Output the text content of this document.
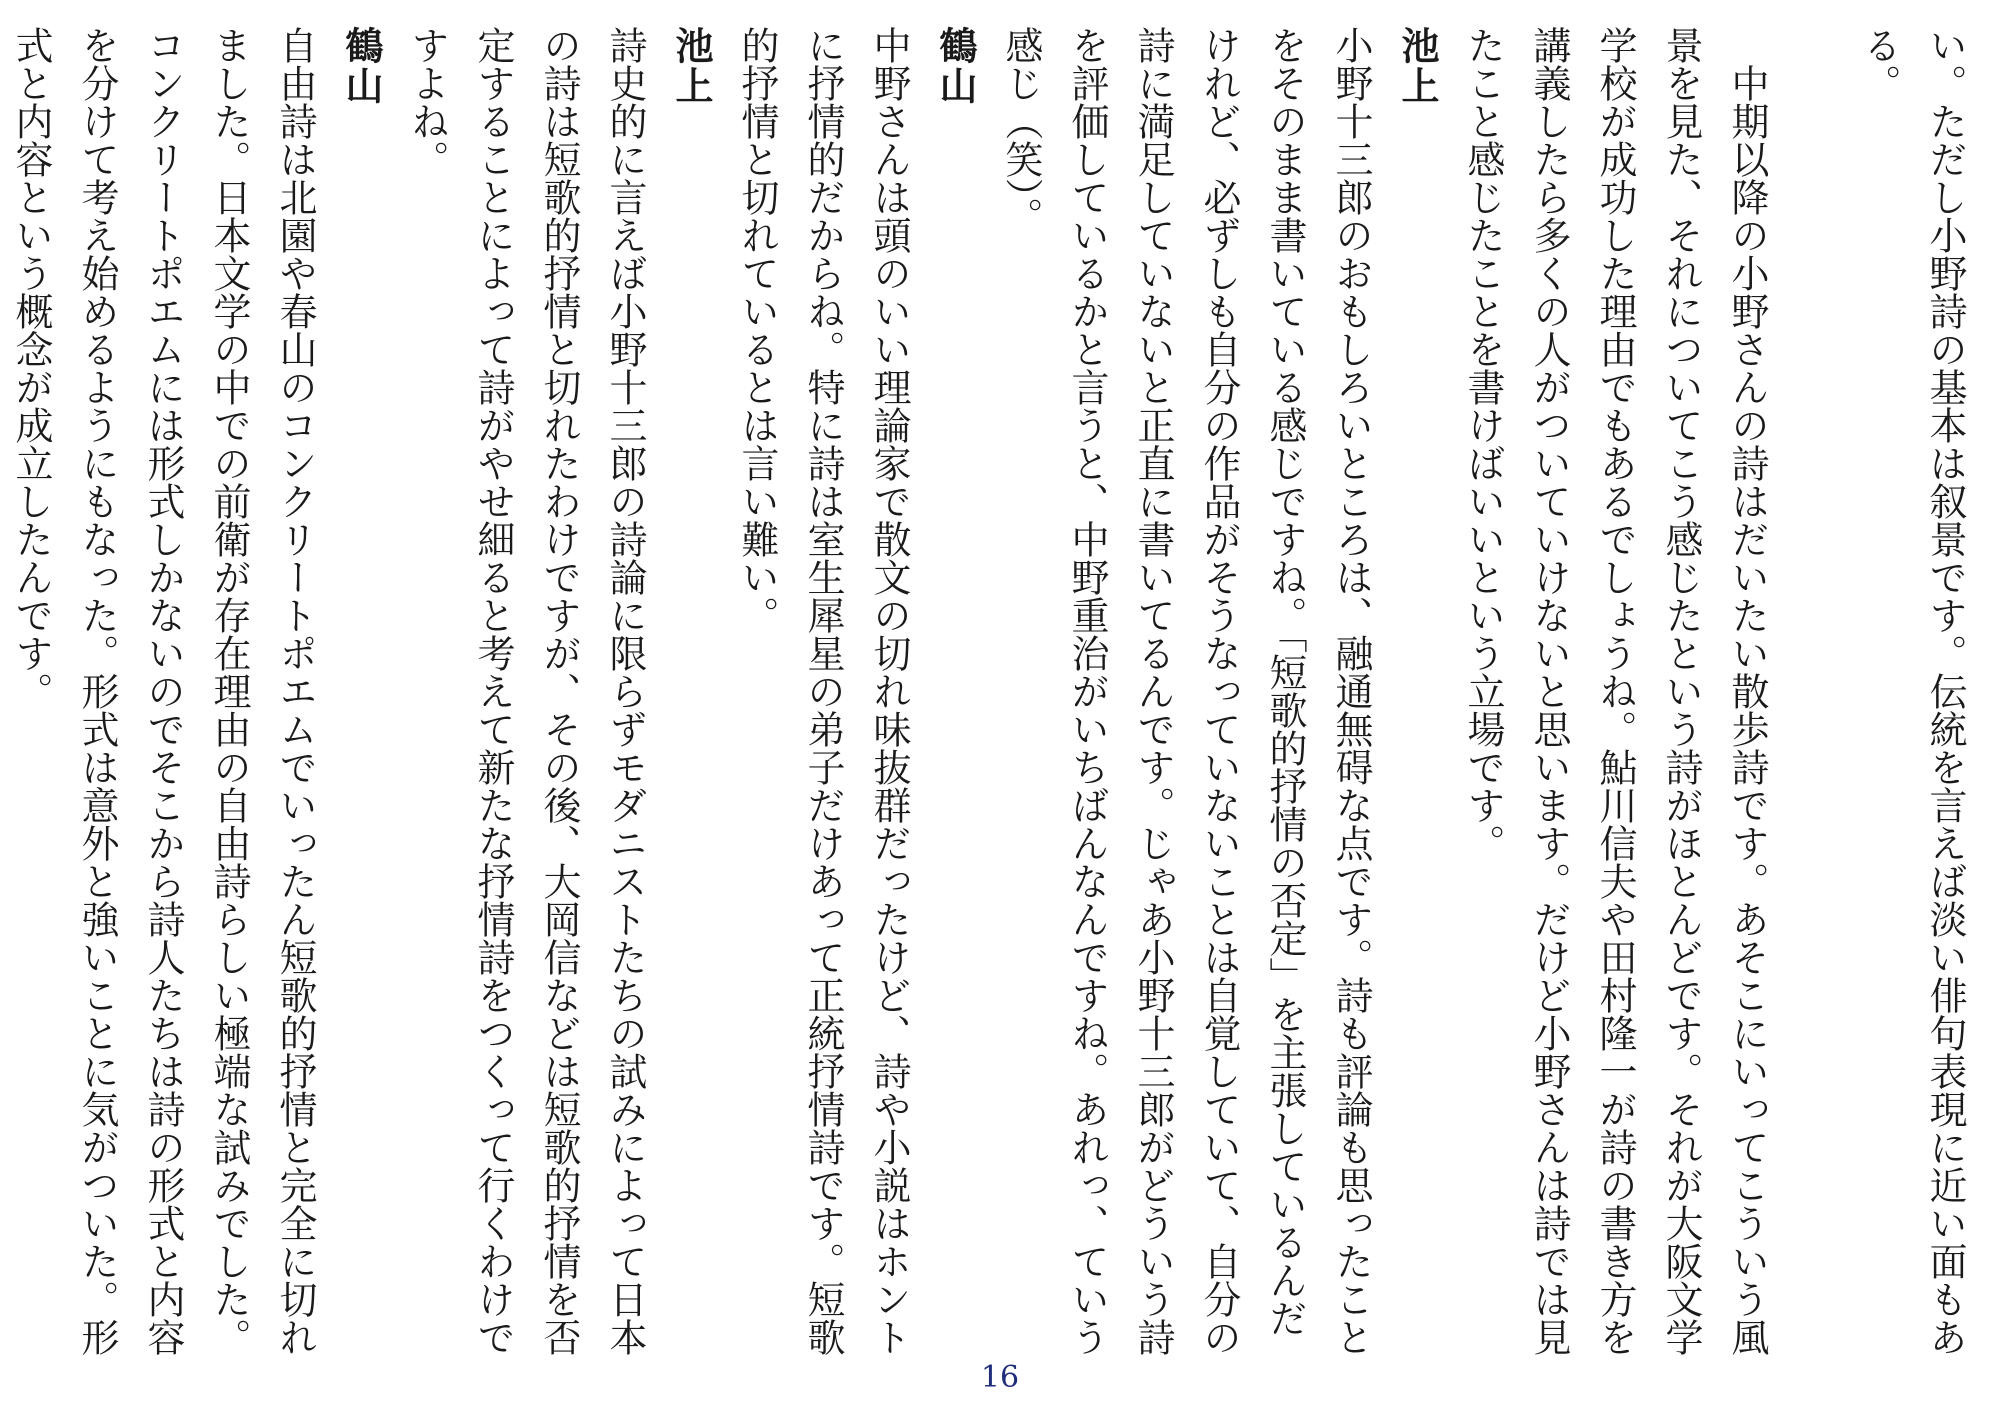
い。ただし小野詩の基本は叙景です。伝統を言えば淡い俳句表現に近い面もある。

中期以降の小野さんの詩はだいたい散歩詩です。あそこにいってこういう風景を見た、それについてこう感じたという詩がほとんどです。それが大阪文学学校が成功した理由でもあるでしょうね。鮎川信夫や田村隆一が詩の書き方を講義したら多くの人がついていけないと思います。だけど小野さんは詩では見たこと感じたことを書けばいいという立場です。

池上

小野十三郎のおもしろいところは、融通無碍な点です。詩も評論も思ったことをそのまま書いている感じですね。「短歌的抒情の否定」を主張しているんだけれど、必ずしも自分の作品がそうなっていないことは自覚していて、自分の詩に満足していないと正直に書いてるんです。じゃあ小野十三郎がどういう詩を評価しているかと言うと、中野重治がいちばんなんですね。あれっ、ていう感じ（笑）。

鶴山

中野さんは頭のいい理論家で散文の切れ味抜群だったけど、詩や小説はホントに抒情的だからね。特に詩は室生犀星の弟子だけあって正統抒情詩です。短歌的抒情と切れているとは言い難い。

池上

詩史的に言えば小野十三郎の詩論に限らずモダニストたちの試みによって日本の詩は短歌的抒情と切れたわけですが、その後、大岡信などは短歌的抒情を否定することによって詩がやせ細ると考えて新たな抒情詩をつくって行くわけですよね。

鶴山

自由詩は北園や春山のコンクリートポエムでいったん短歌的抒情と完全に切れました。日本文学の中での前衛が存在理由の自由詩らしい極端な試みでした。コンクリートポエムには形式しかないのでそこから詩人たちは詩の形式と内容を分けて考え始めるようにもなった。形式は意外と強いことに気がついた。形式と内容という概念が成立したんです。

16
